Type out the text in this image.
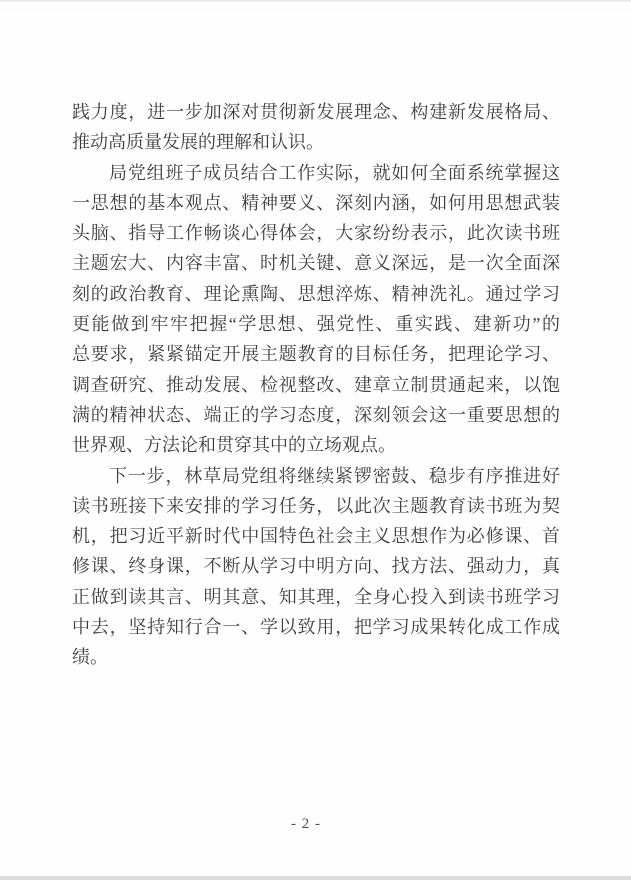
践力度，进一步加深对贯彻新发展理念、构建新发展格局、
推动高质量发展的理解和认识。
局党组班子成员结合工作实际，就如何全面系统掌握这
一思想的基本观点、精神要义、深刻内涵，如何用思想武装
头脑、指导工作畅谈心得体会，大家纷纷表示，此次读书班
主题宏大、内容丰富、时机关键、意义深远，是一次全面深
刻的政治教育、理论熏陶、思想淬炼、精神洗礼。通过学习
更能做到牢牢把握“学思想、强党性、重实践、建新功”的
总要求，紧紧锚定开展主题教育的目标任务，把理论学习、
调查研究、推动发展、检视整改、建章立制贯通起来，以饱
满的精神状态、端正的学习态度，深刻领会这一重要思想的
世界观、方法论和贯穿其中的立场观点。
下一步，林草局党组将继续紧锣密鼓、稳步有序推进好
读书班接下来安排的学习任务，以此次主题教育读书班为契
机，把习近平新时代中国特色社会主义思想作为必修课、首
修课、终身课，不断从学习中明方向、找方法、强动力，真
正做到读其言、明其意、知其理，全身心投入到读书班学习
中去，坚持知行合一、学以致用，把学习成果转化成工作成
绩。
- 2 -
